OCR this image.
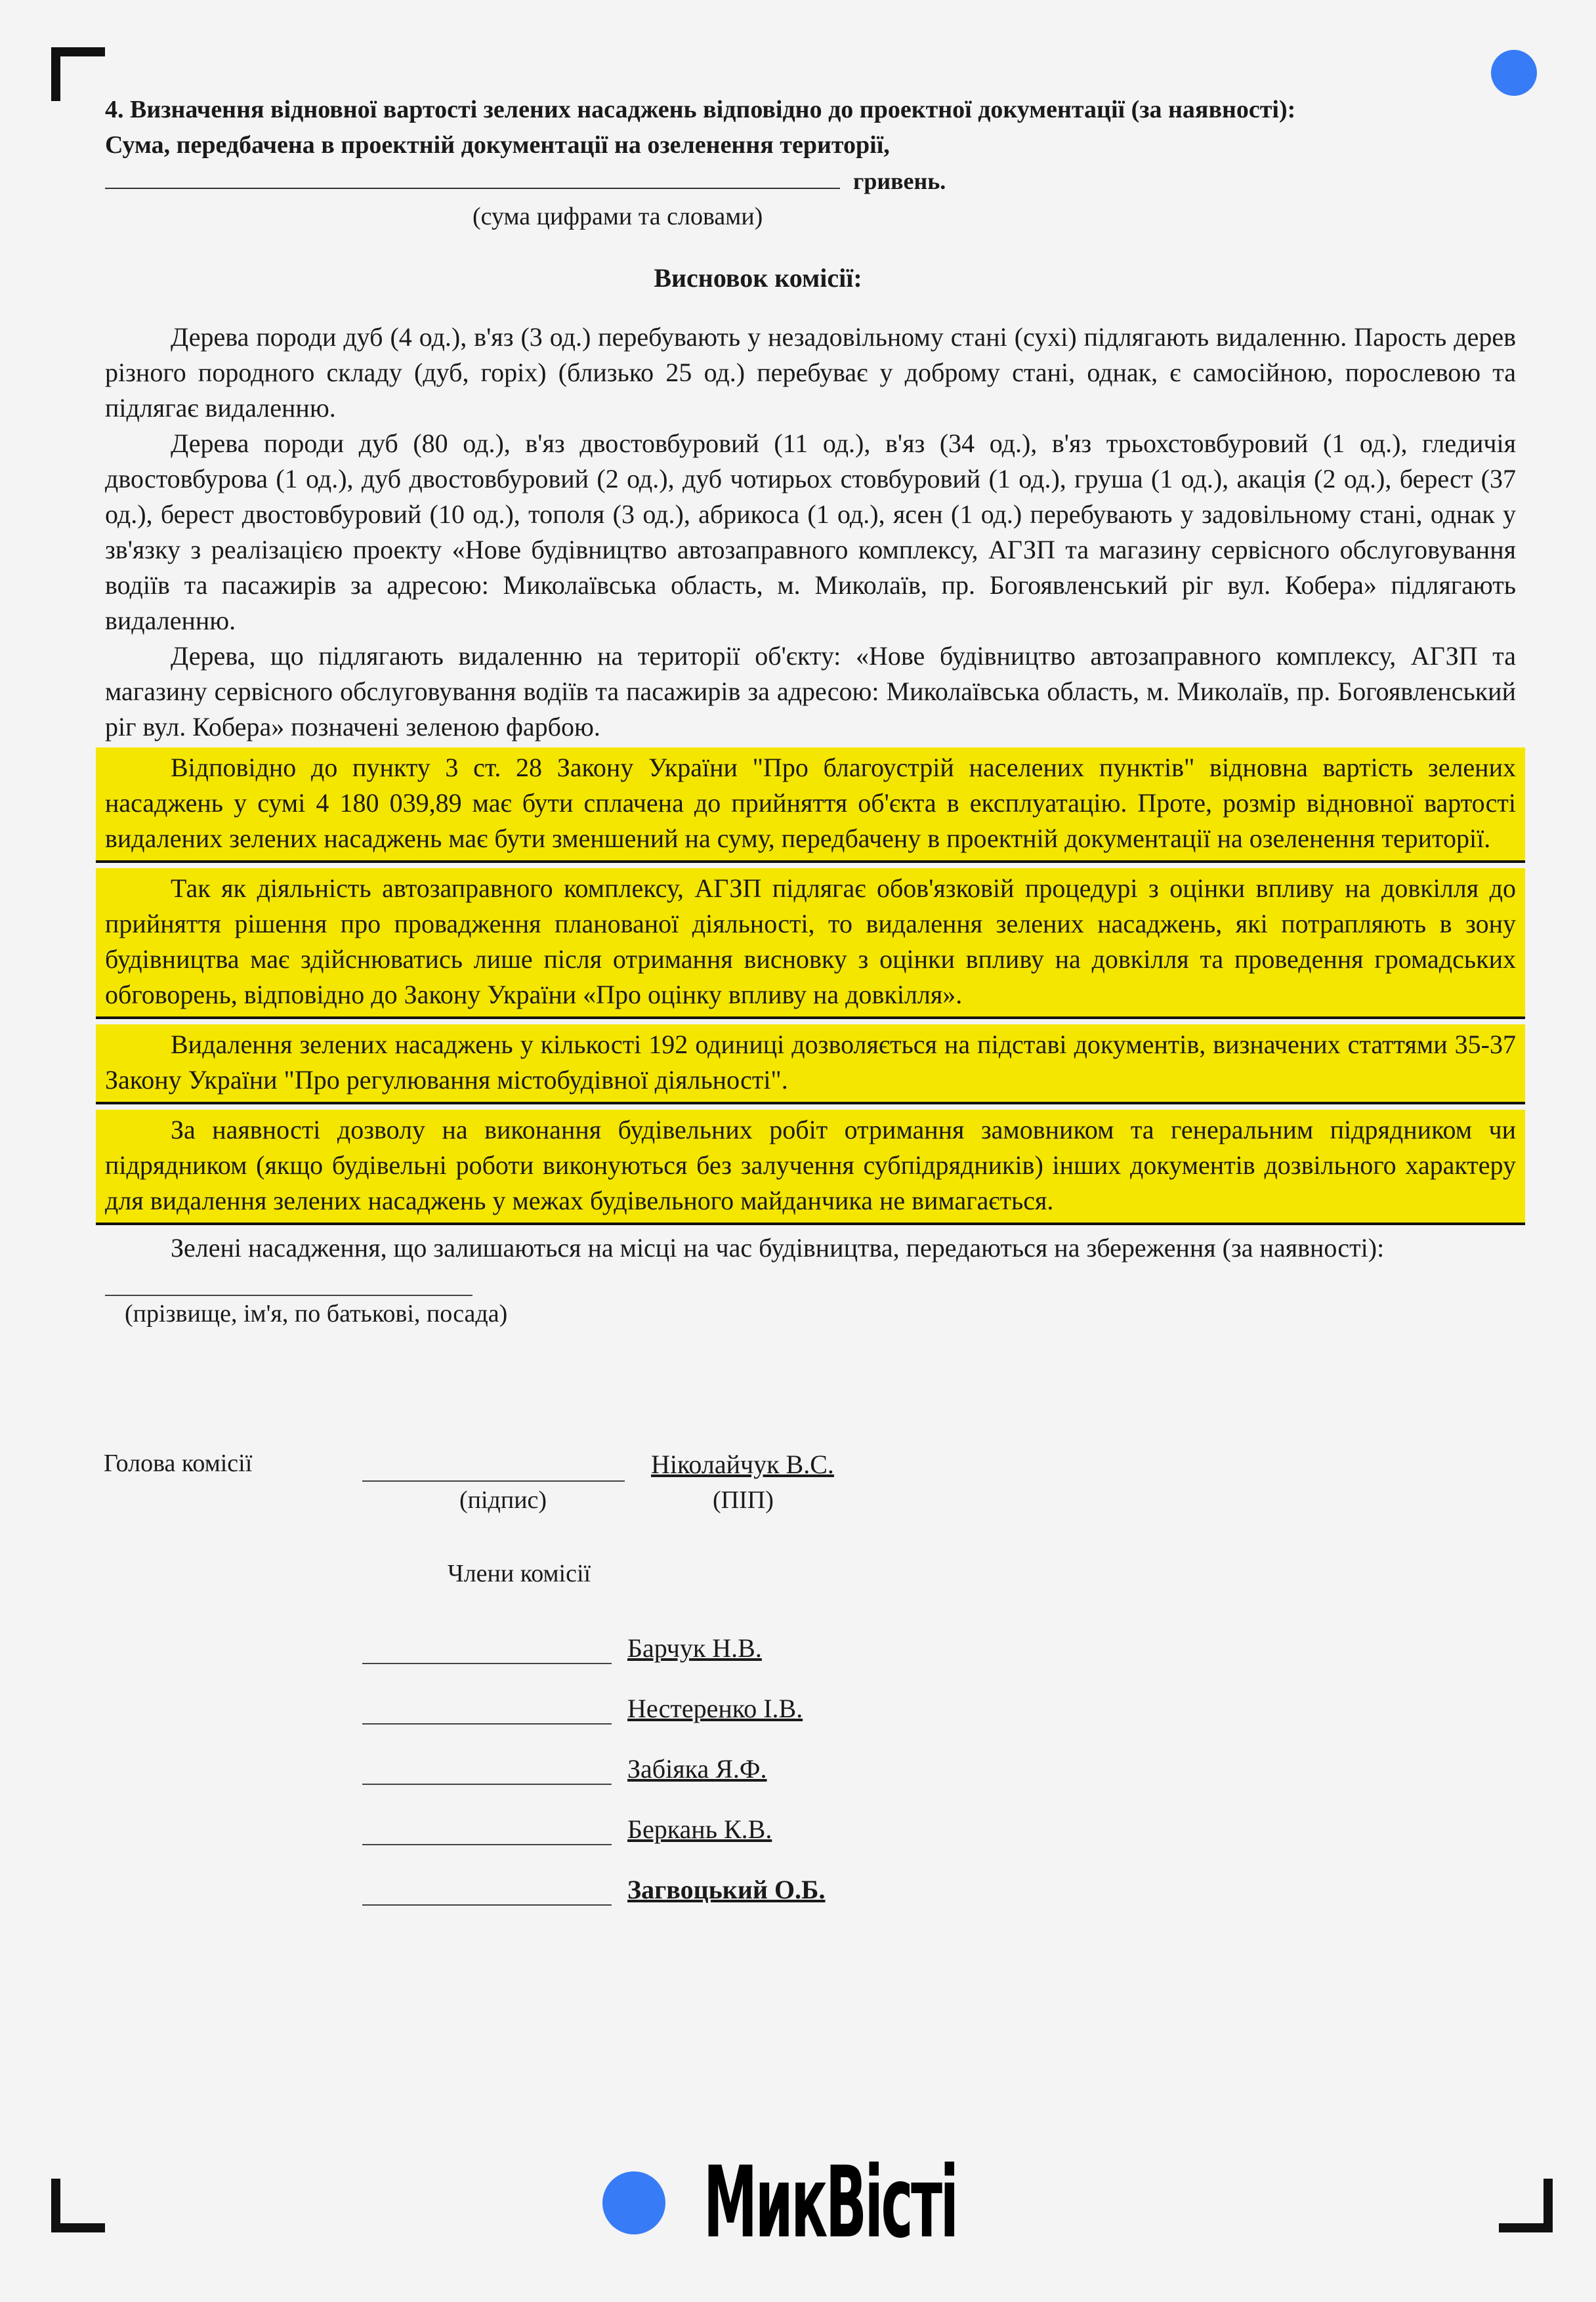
4. Визначення відновної вартості зелених насаджень відповідно до проектної документації (за наявності):
Сума, передбачена в проектній документації на озеленення території,
гривень.
(сума цифрами та словами)
Висновок комісії:
Дерева породи дуб (4 од.), в'яз (3 од.) перебувають у незадовільному стані (сухі) підлягають видаленню. Парость дерев різного породного складу (дуб, горіх) (близько 25 од.) перебуває у доброму стані, однак, є самосійною, порослевою та підлягає видаленню.
Дерева породи дуб (80 од.), в'яз двостовбуровий (11 од.), в'яз (34 од.), в'яз трьохстовбуровий (1 од.), гледичія двостовбурова (1 од.), дуб двостовбуровий (2 од.), дуб чотирьох стовбуровий (1 од.), груша (1 од.), акація (2 од.), берест (37 од.), берест двостовбуровий (10 од.), тополя (3 од.), абрикоса (1 од.), ясен (1 од.) перебувають у задовільному стані, однак у зв'язку з реалізацією проекту «Нове будівництво автозаправного комплексу, АГЗП та магазину сервісного обслуговування водіїв та пасажирів за адресою: Миколаївська область, м. Миколаїв, пр. Богоявленський ріг вул. Кобера» підлягають видаленню.
Дерева, що підлягають видаленню на території об'єкту: «Нове будівництво автозаправного комплексу, АГЗП та магазину сервісного обслуговування водіїв та пасажирів за адресою: Миколаївська область, м. Миколаїв, пр. Богоявленський ріг вул. Кобера» позначені зеленою фарбою.
Відповідно до пункту 3 ст. 28 Закону України "Про благоустрій населених пунктів" відновна вартість зелених насаджень у сумі 4 180 039,89 має бути сплачена до прийняття об'єкта в експлуатацію. Проте, розмір відновної вартості видалених зелених насаджень має бути зменшений на суму, передбачену в проектній документації на озеленення території.
Так як діяльність автозаправного комплексу, АГЗП підлягає обов'язковій процедурі з оцінки впливу на довкілля до прийняття рішення про провадження планованої діяльності, то видалення зелених насаджень, які потрапляють в зону будівництва має здійснюватись лише після отримання висновку з оцінки впливу на довкілля та проведення громадських обговорень, відповідно до Закону України «Про оцінку впливу на довкілля».
Видалення зелених насаджень у кількості 192 одиниці дозволяється на підставі документів, визначених статтями 35-37 Закону України "Про регулювання містобудівної діяльності".
За наявності дозволу на виконання будівельних робіт отримання замовником та генеральним підрядником чи підрядником (якщо будівельні роботи виконуються без залучення субпідрядників) інших документів дозвільного характеру для видалення зелених насаджень у межах будівельного майданчика не вимагається.
Зелені насадження, що залишаються на місці на час будівництва, передаються на збереження (за наявності):
(прізвище, ім'я, по батькові, посада)
Голова комісії	Ніколайчук В.С.
(підпис)	(ПІП)
Члени комісії
Барчук Н.В.
Нестеренко І.В.
Забіяка Я.Ф.
Беркань К.В.
Загвоцький О.Б.
МикВісті
